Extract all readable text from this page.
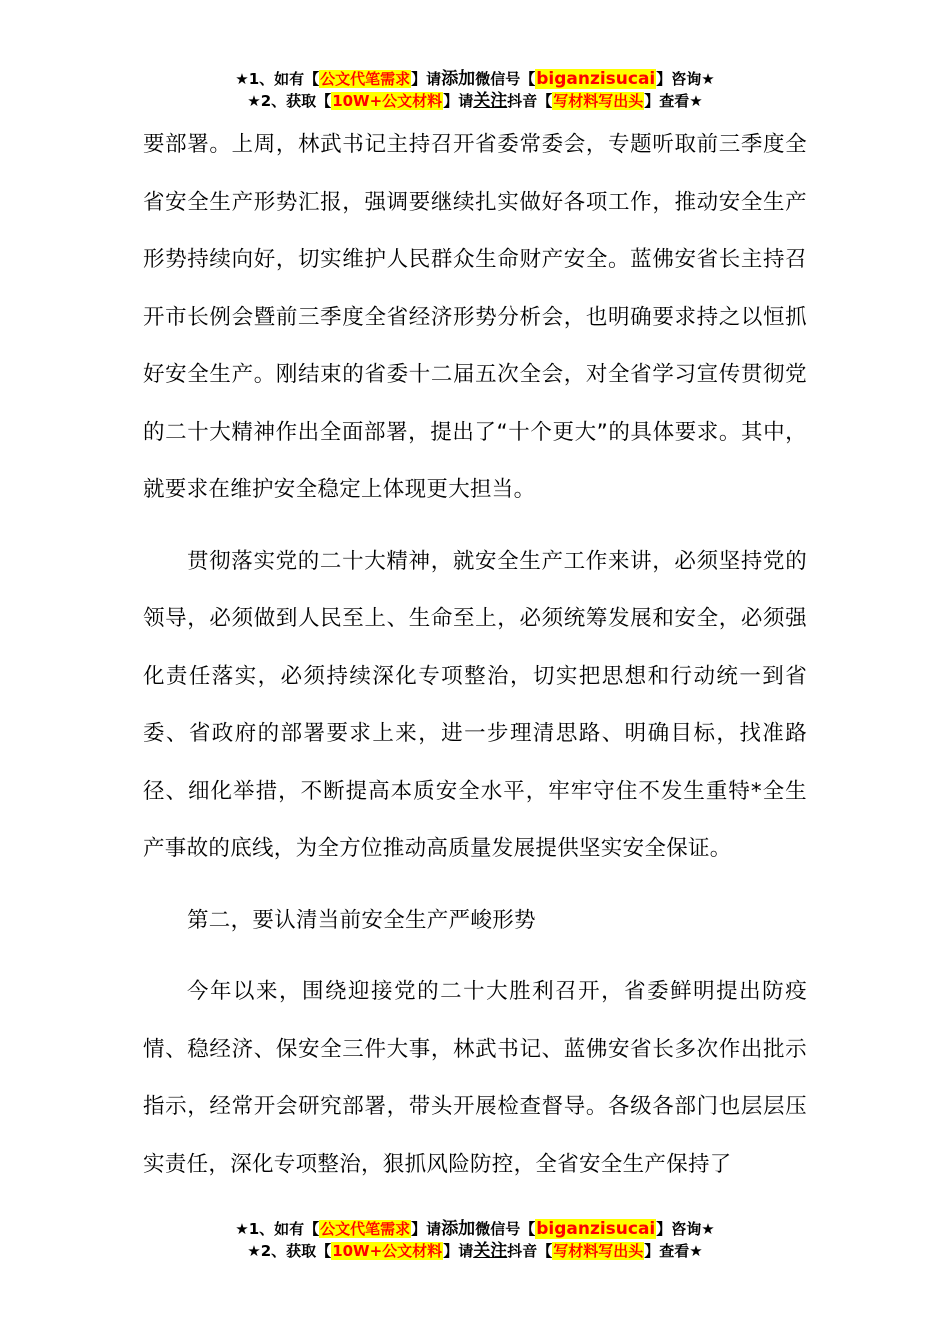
★1、如有【公文代笔需求】请添加微信号【biganzisucai】咨询★
★2、获取【10W+公文材料】请关注抖音【写材料写出头】查看★

要部署。上周，林武书记主持召开省委常委会，专题听取前三季度全省安全生产形势汇报，强调要继续扎实做好各项工作，推动安全生产形势持续向好，切实维护人民群众生命财产安全。蓝佛安省长主持召开市长例会暨前三季度全省经济形势分析会，也明确要求持之以恒抓好安全生产。刚结束的省委十二届五次全会，对全省学习宣传贯彻党的二十大精神作出全面部署，提出了“十个更大”的具体要求。其中，就要求在维护安全稳定上体现更大担当。

贯彻落实党的二十大精神，就安全生产工作来讲，必须坚持党的领导，必须做到人民至上、生命至上，必须统筹发展和安全，必须强化责任落实，必须持续深化专项整治，切实把思想和行动统一到省委、省政府的部署要求上来，进一步理清思路、明确目标，找准路径、细化举措，不断提高本质安全水平，牢牢守住不发生重特*全生产事故的底线，为全方位推动高质量发展提供坚实安全保证。

第二，要认清当前安全生产严峻形势

今年以来，围绕迎接党的二十大胜利召开，省委鲜明提出防疫情、稳经济、保安全三件大事，林武书记、蓝佛安省长多次作出批示指示，经常开会研究部署，带头开展检查督导。各级各部门也层层压实责任，深化专项整治，狠抓风险防控，全省安全生产保持了

★1、如有【公文代笔需求】请添加微信号【biganzisucai】咨询★
★2、获取【10W+公文材料】请关注抖音【写材料写出头】查看★
